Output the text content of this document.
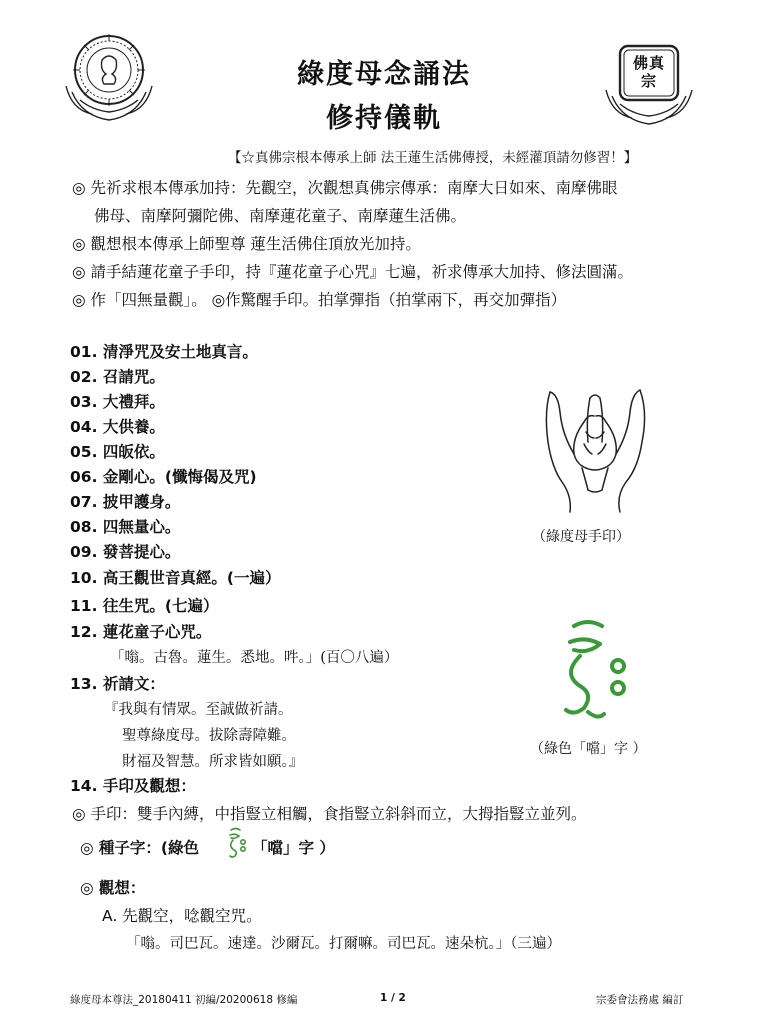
綠度母念誦法
修持儀軌
佛真宗
【☆真佛宗根本傳承上師 法王蓮生活佛傳授，未經灌頂請勿修習！】
◎ 先祈求根本傳承加持：先觀空，次觀想真佛宗傳承：南摩大日如來、南摩佛眼
佛母、南摩阿彌陀佛、南摩蓮花童子、南摩蓮生活佛。
◎ 觀想根本傳承上師聖尊 蓮生活佛住頂放光加持。
◎ 請手結蓮花童子手印，持『蓮花童子心咒』七遍，祈求傳承大加持、修法圓滿。
◎ 作「四無量觀」。 ◎作驚醒手印。拍掌彈指（拍掌兩下，再交加彈指）
01. 清淨咒及安土地真言。
02. 召請咒。
03. 大禮拜。
04. 大供養。
05. 四皈依。
06. 金剛心。(懺悔偈及咒)
07. 披甲護身。
08. 四無量心。
09. 發菩提心。
10. 高王觀世音真經。(一遍）
11. 往生咒。(七遍）
12. 蓮花童子心咒。
「嗡。古魯。蓮生。悉地。吽。」(百〇八遍）
13. 祈請文：
『我與有情眾。至誠做祈請。
聖尊綠度母。拔除壽障難。
財福及智慧。所求皆如願。』
14. 手印及觀想：
◎ 手印：雙手內縛，中指豎立相觸，食指豎立斜斜而立，大拇指豎立並列。
◎ 種子字：(綠色	「噹」字 ）
◎ 觀想：
A. 先觀空，唸觀空咒。
「嗡。司巴瓦。速達。沙爾瓦。打爾嘛。司巴瓦。速朵杭。」（三遍）
（綠度母手印）
（綠色「噹」字 ）
綠度母本尊法_20180411 初編/20200618 修編	1 / 2	宗委會法務處 編訂
